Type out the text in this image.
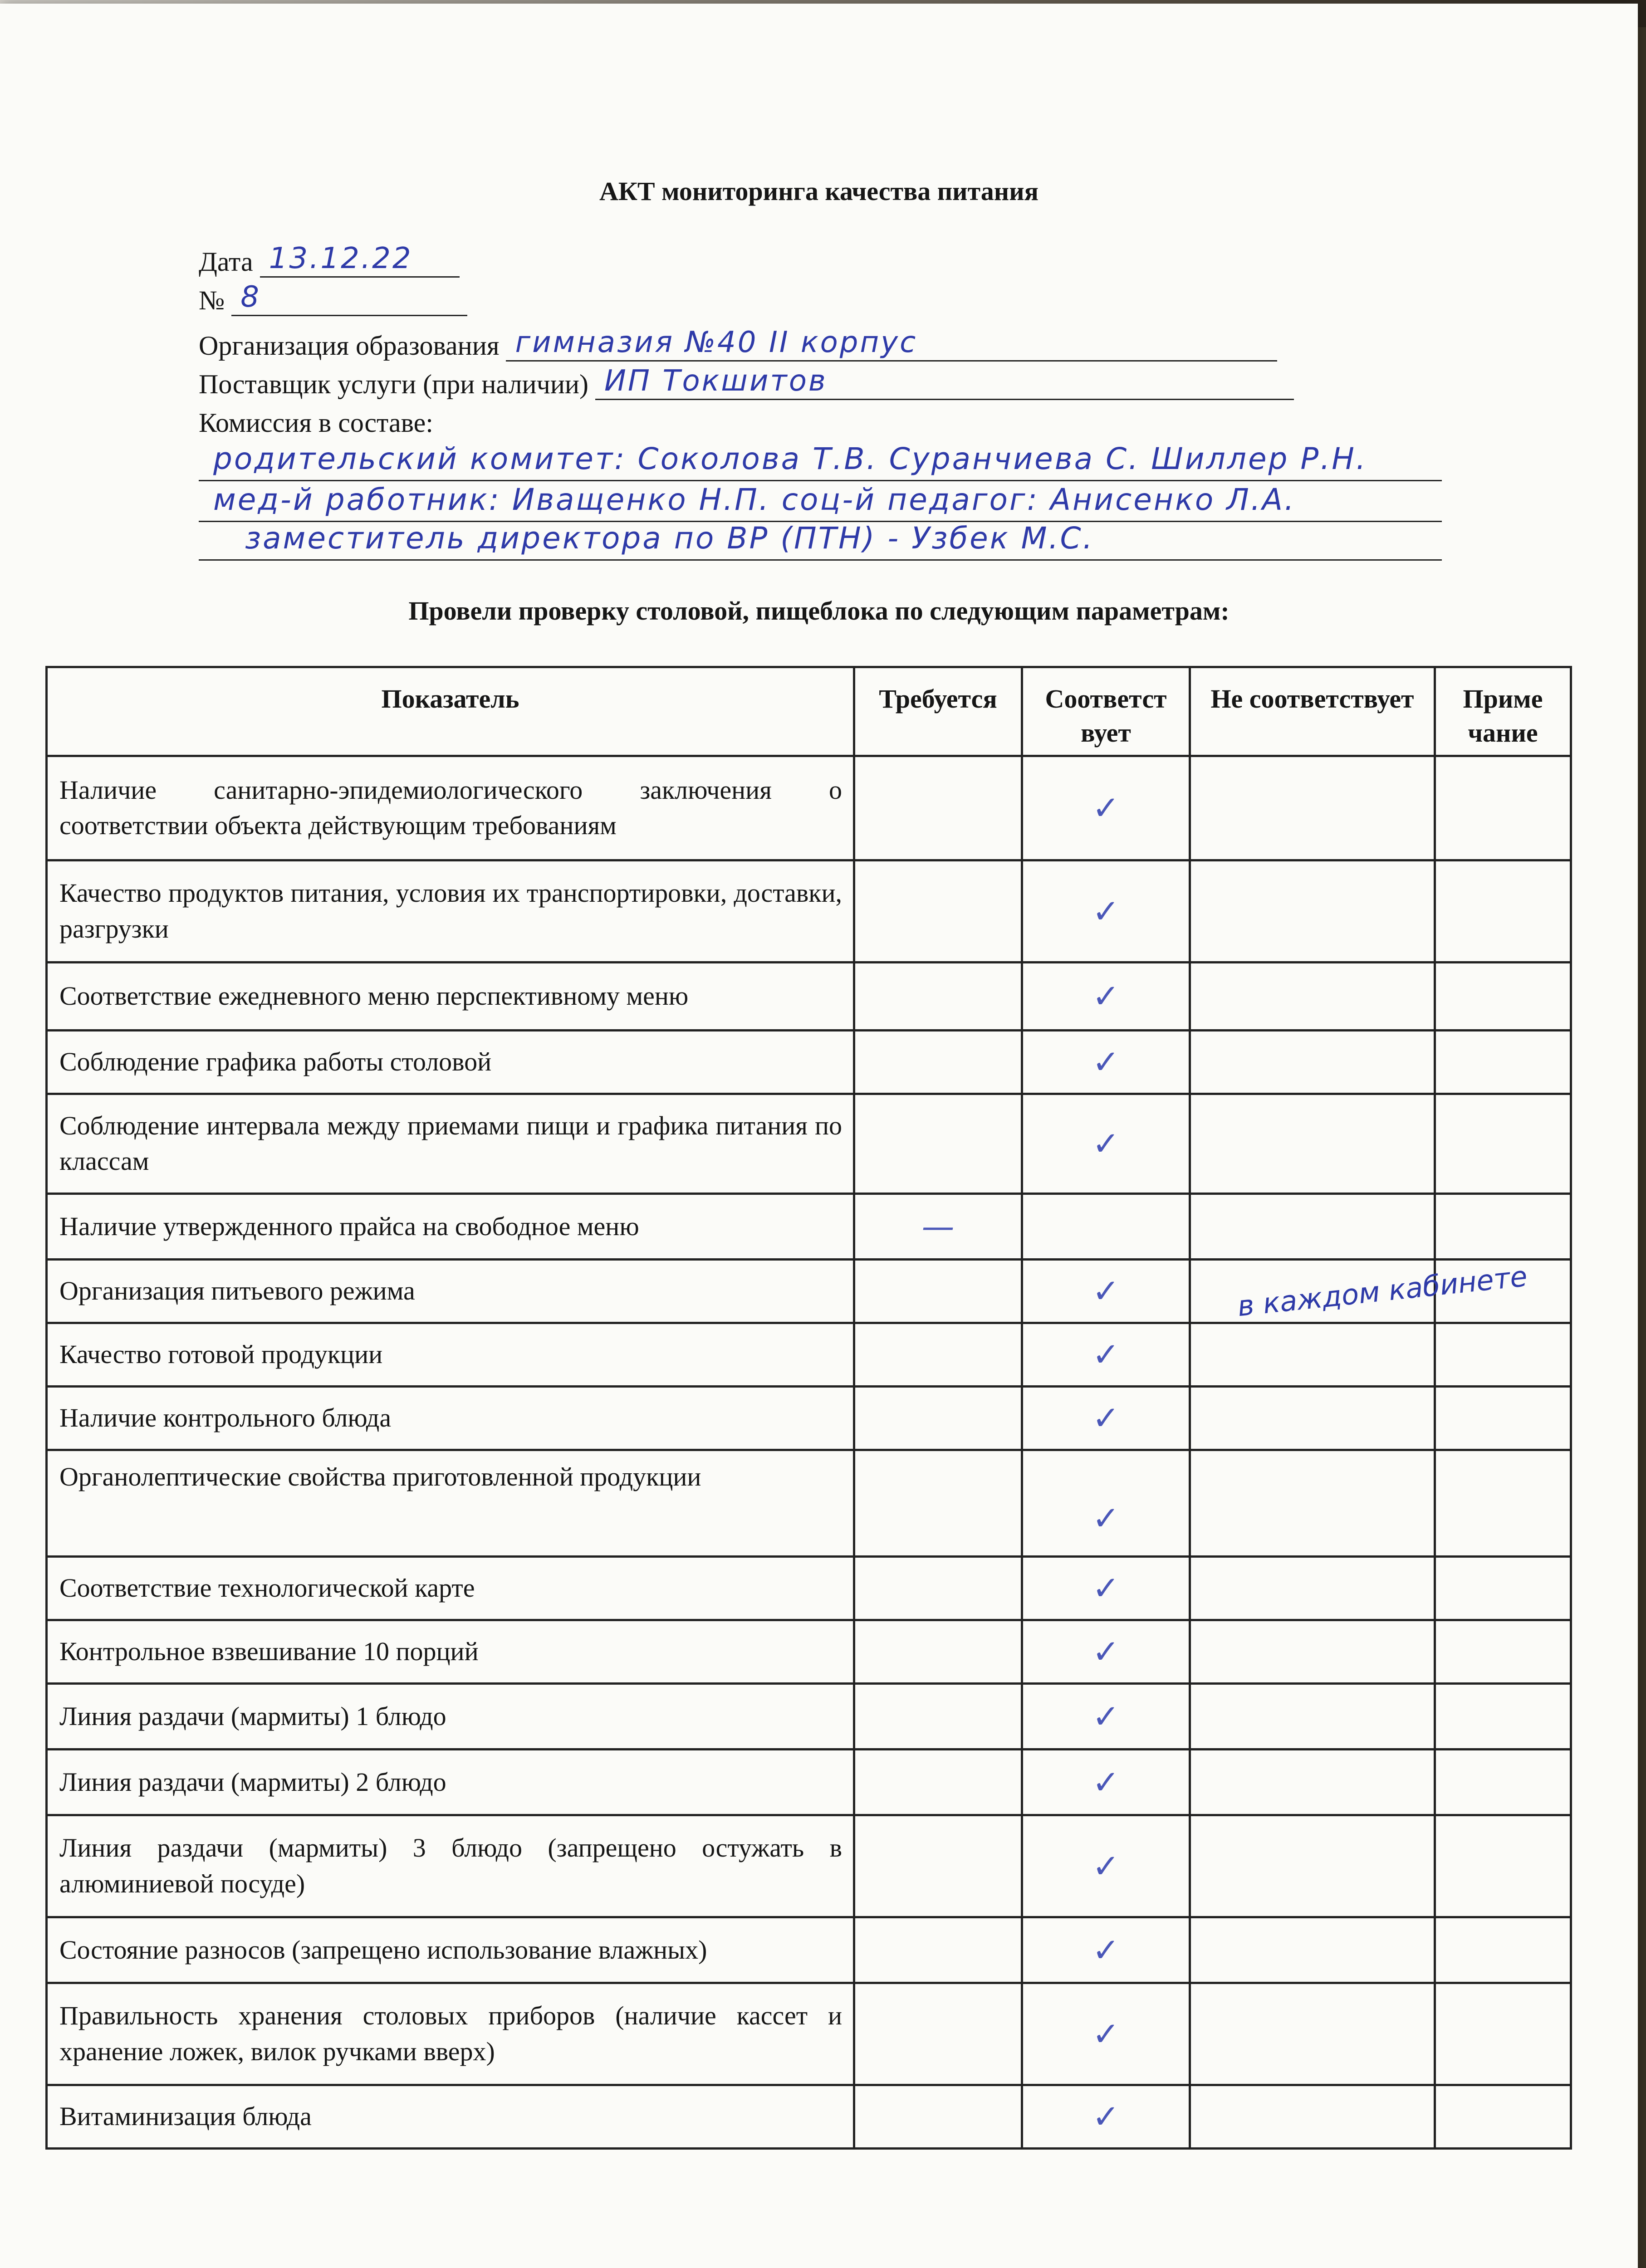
АКТ мониторинга качества питания
Дата 13.12.22
№ 8
Организация образования гимназия №40 II корпус
Поставщик услуги (при наличии) ИП Токшитов
Комиссия в составе:
родительский комитет: Соколова Т.В. Суранчиева С. Шиллер Р.Н.
мед-й работник: Иващенко Н.П. соц-й педагог: Анисенко Л.А.
заместитель директора по ВР (ПТН) - Узбек М.С.
Провели проверку столовой, пищеблока по следующим параметрам:
Показатель	Требуется	Соответст вует	Не соответствует	Приме чание
Наличие санитарно-эпидемиологического заключения о соответствии объекта действующим требованиям		✓		
Качество продуктов питания, условия их транспортировки, доставки, разгрузки		✓		
Соответствие ежедневного меню перспективному меню		✓		
Соблюдение графика работы столовой		✓		
Соблюдение интервала между приемами пищи и графика питания по классам		✓		
Наличие утвержденного прайса на свободное меню	—			
Организация питьевого режима		✓	в каждом кабинете	
Качество готовой продукции		✓		
Наличие контрольного блюда		✓		
Органолептические свойства приготовленной продукции		✓		
Соответствие технологической карте		✓		
Контрольное взвешивание 10 порций		✓		
Линия раздачи (мармиты) 1 блюдо		✓		
Линия раздачи (мармиты) 2 блюдо		✓		
Линия раздачи (мармиты) 3 блюдо (запрещено остужать в алюминиевой посуде)		✓		
Состояние разносов (запрещено использование влажных)		✓		
Правильность хранения столовых приборов (наличие кассет и хранение ложек, вилок ручками вверх)		✓		
Витаминизация блюда		✓		
